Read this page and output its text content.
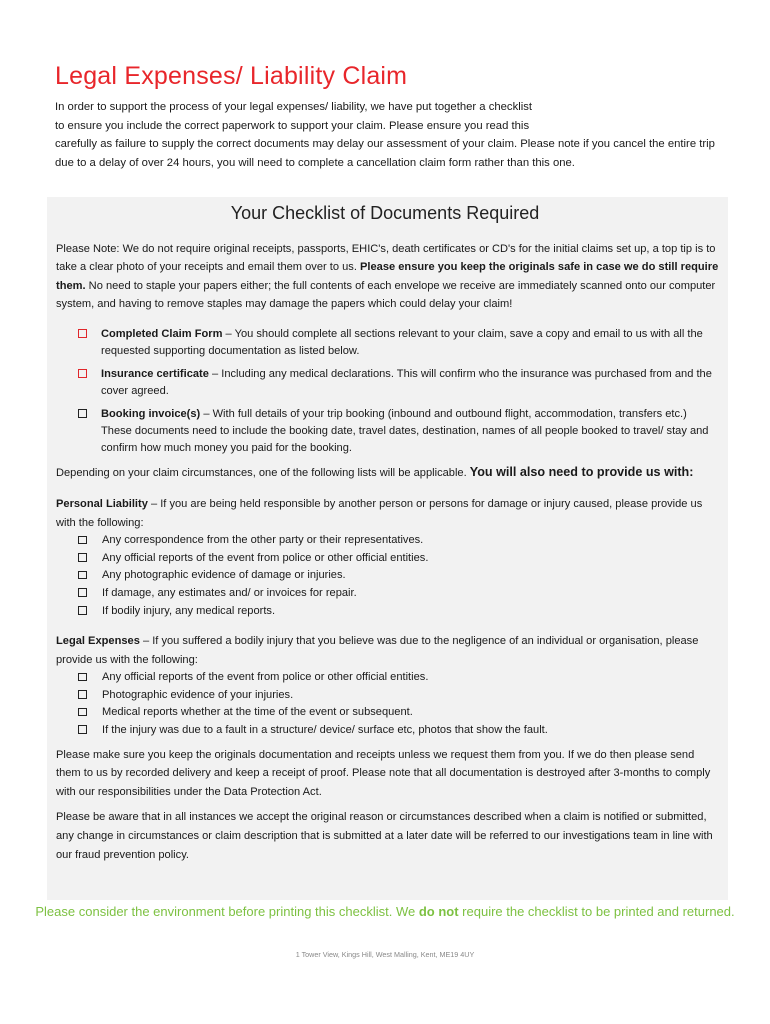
Legal Expenses/ Liability Claim

In order to support the process of your legal expenses/ liability, we have put together a checklist

to ensure you include the correct paperwork to support your claim. Please ensure you read this

carefully as failure to supply the correct documents may delay our assessment of your claim. Please note if you cancel the entire trip due to a delay of over 24 hours, you will need to complete a cancellation claim form rather than this one.

Your Checklist of Documents Required

Please Note: We do not require original receipts, passports, EHIC's, death certificates or CD's for the initial claims set up, a top tip is to take a clear photo of your receipts and email them over to us. Please ensure you keep the originals safe in case we do still require them. No need to staple your papers either; the full contents of each envelope we receive are immediately scanned onto our computer system, and having to remove staples may damage the papers which could delay your claim!

Completed Claim Form – You should complete all sections relevant to your claim, save a copy and email to us with all the requested supporting documentation as listed below.
Insurance certificate – Including any medical declarations. This will confirm who the insurance was purchased from and the cover agreed.
Booking invoice(s) – With full details of your trip booking (inbound and outbound flight, accommodation, transfers etc.) These documents need to include the booking date, travel dates, destination, names of all people booked to travel/ stay and confirm how much money you paid for the booking.

Depending on your claim circumstances, one of the following lists will be applicable. You will also need to provide us with:

Personal Liability – If you are being held responsible by another person or persons for damage or injury caused, please provide us with the following:

Any correspondence from the other party or their representatives.
Any official reports of the event from police or other official entities.
Any photographic evidence of damage or injuries.
If damage, any estimates and/ or invoices for repair.
If bodily injury, any medical reports.

Legal Expenses – If you suffered a bodily injury that you believe was due to the negligence of an individual or organisation, please provide us with the following:

Any official reports of the event from police or other official entities.
Photographic evidence of your injuries.
Medical reports whether at the time of the event or subsequent.
If the injury was due to a fault in a structure/ device/ surface etc, photos that show the fault.

Please make sure you keep the originals documentation and receipts unless we request them from you. If we do then please send them to us by recorded delivery and keep a receipt of proof. Please note that all documentation is destroyed after 3-months to comply with our responsibilities under the Data Protection Act.

Please be aware that in all instances we accept the original reason or circumstances described when a claim is notified or submitted, any change in circumstances or claim description that is submitted at a later date will be referred to our investigations team in line with our fraud prevention policy.

Please consider the environment before printing this checklist. We do not require the checklist to be printed and returned.
1 Tower View, Kings Hill, West Malling, Kent, ME19 4UY
